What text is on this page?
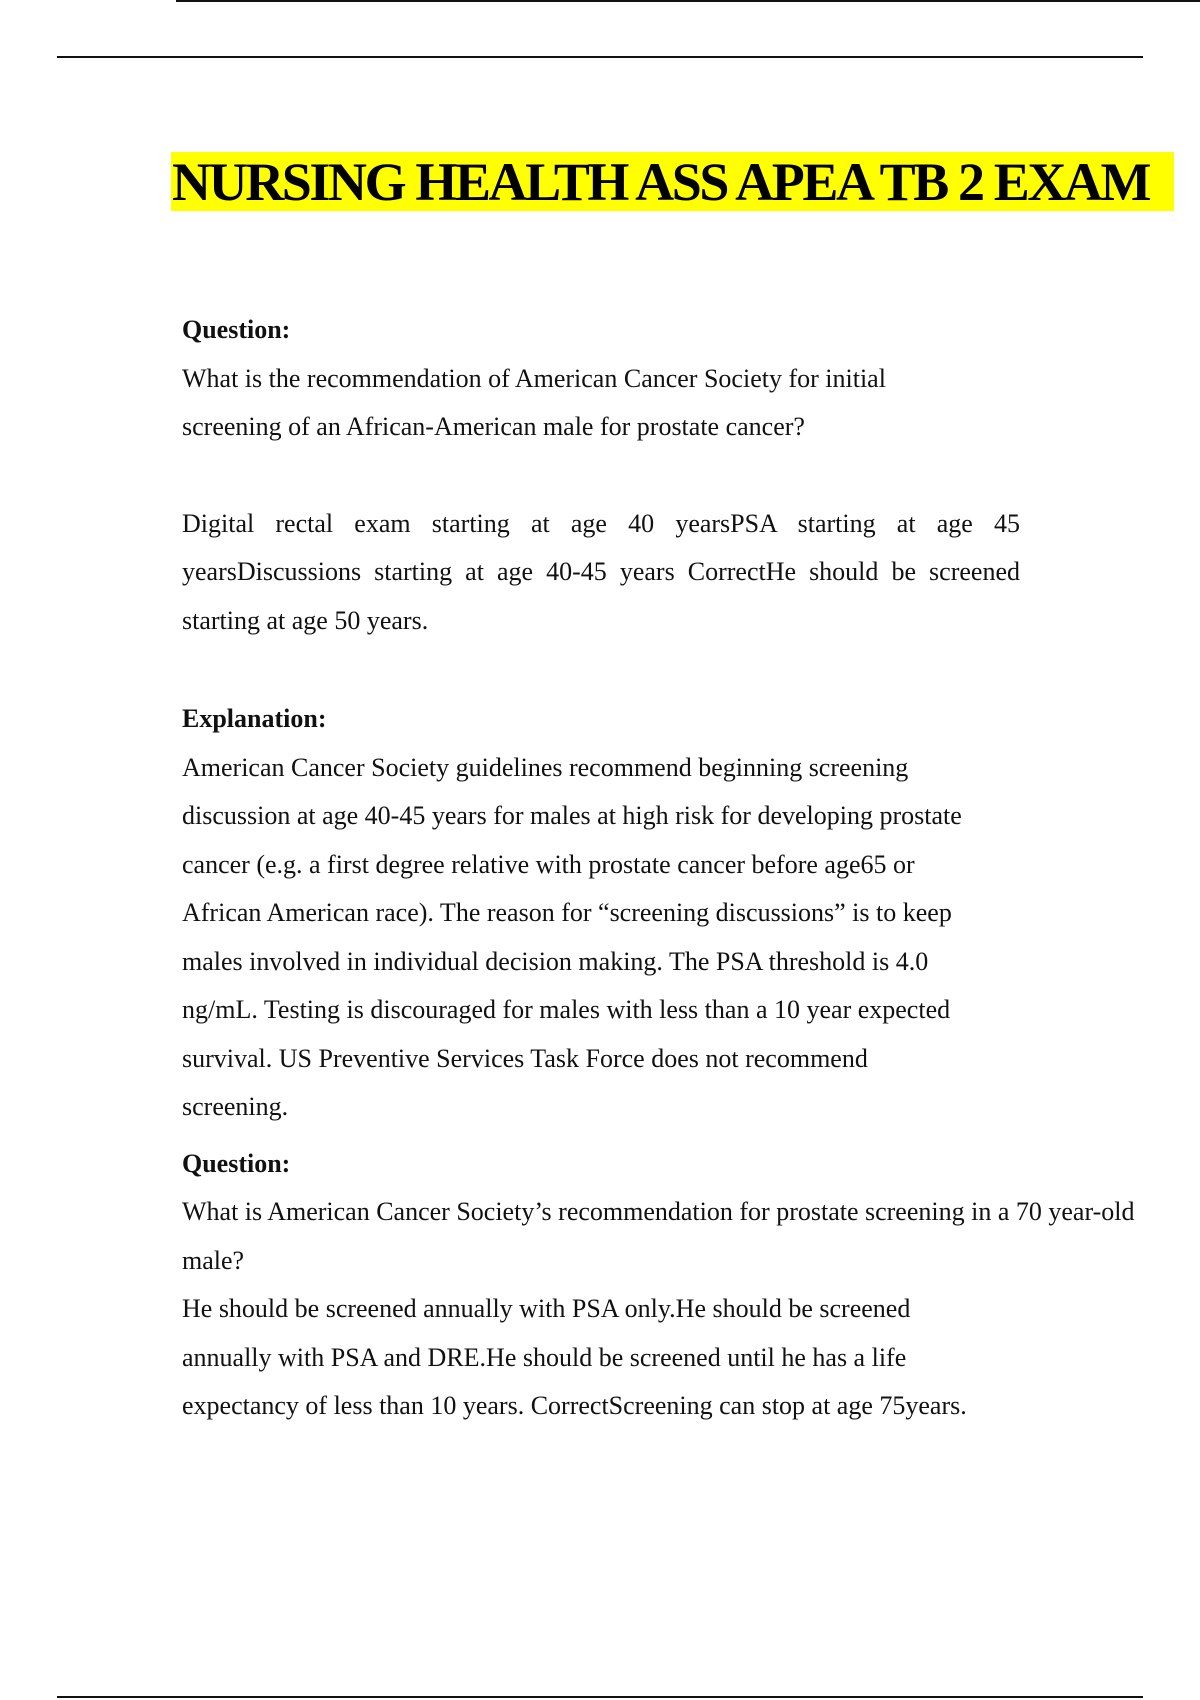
NURSING HEALTH ASS APEA TB 2 EXAM

Question:

What is the recommendation of American Cancer Society for initial

screening of an African-American male for prostate cancer?

Digital rectal exam starting at age 40 yearsPSA starting at age 45 yearsDiscussions starting at age 40-45 years CorrectHe should be screened starting at age 50 years.

Explanation:

American Cancer Society guidelines recommend beginning screening

discussion at age 40-45 years for males at high risk for developing prostate

cancer (e.g. a first degree relative with prostate cancer before age65 or

African American race). The reason for “screening discussions” is to keep

males involved in individual decision making. The PSA threshold is 4.0

ng/mL. Testing is discouraged for males with less than a 10 year expected

survival. US Preventive Services Task Force does not recommend

screening.

Question:

What is American Cancer Society’s recommendation for prostate screening in a 70 year-old

male?

He should be screened annually with PSA only.He should be screened

annually with PSA and DRE.He should be screened until he has a life

expectancy of less than 10 years. CorrectScreening can stop at age 75years.
